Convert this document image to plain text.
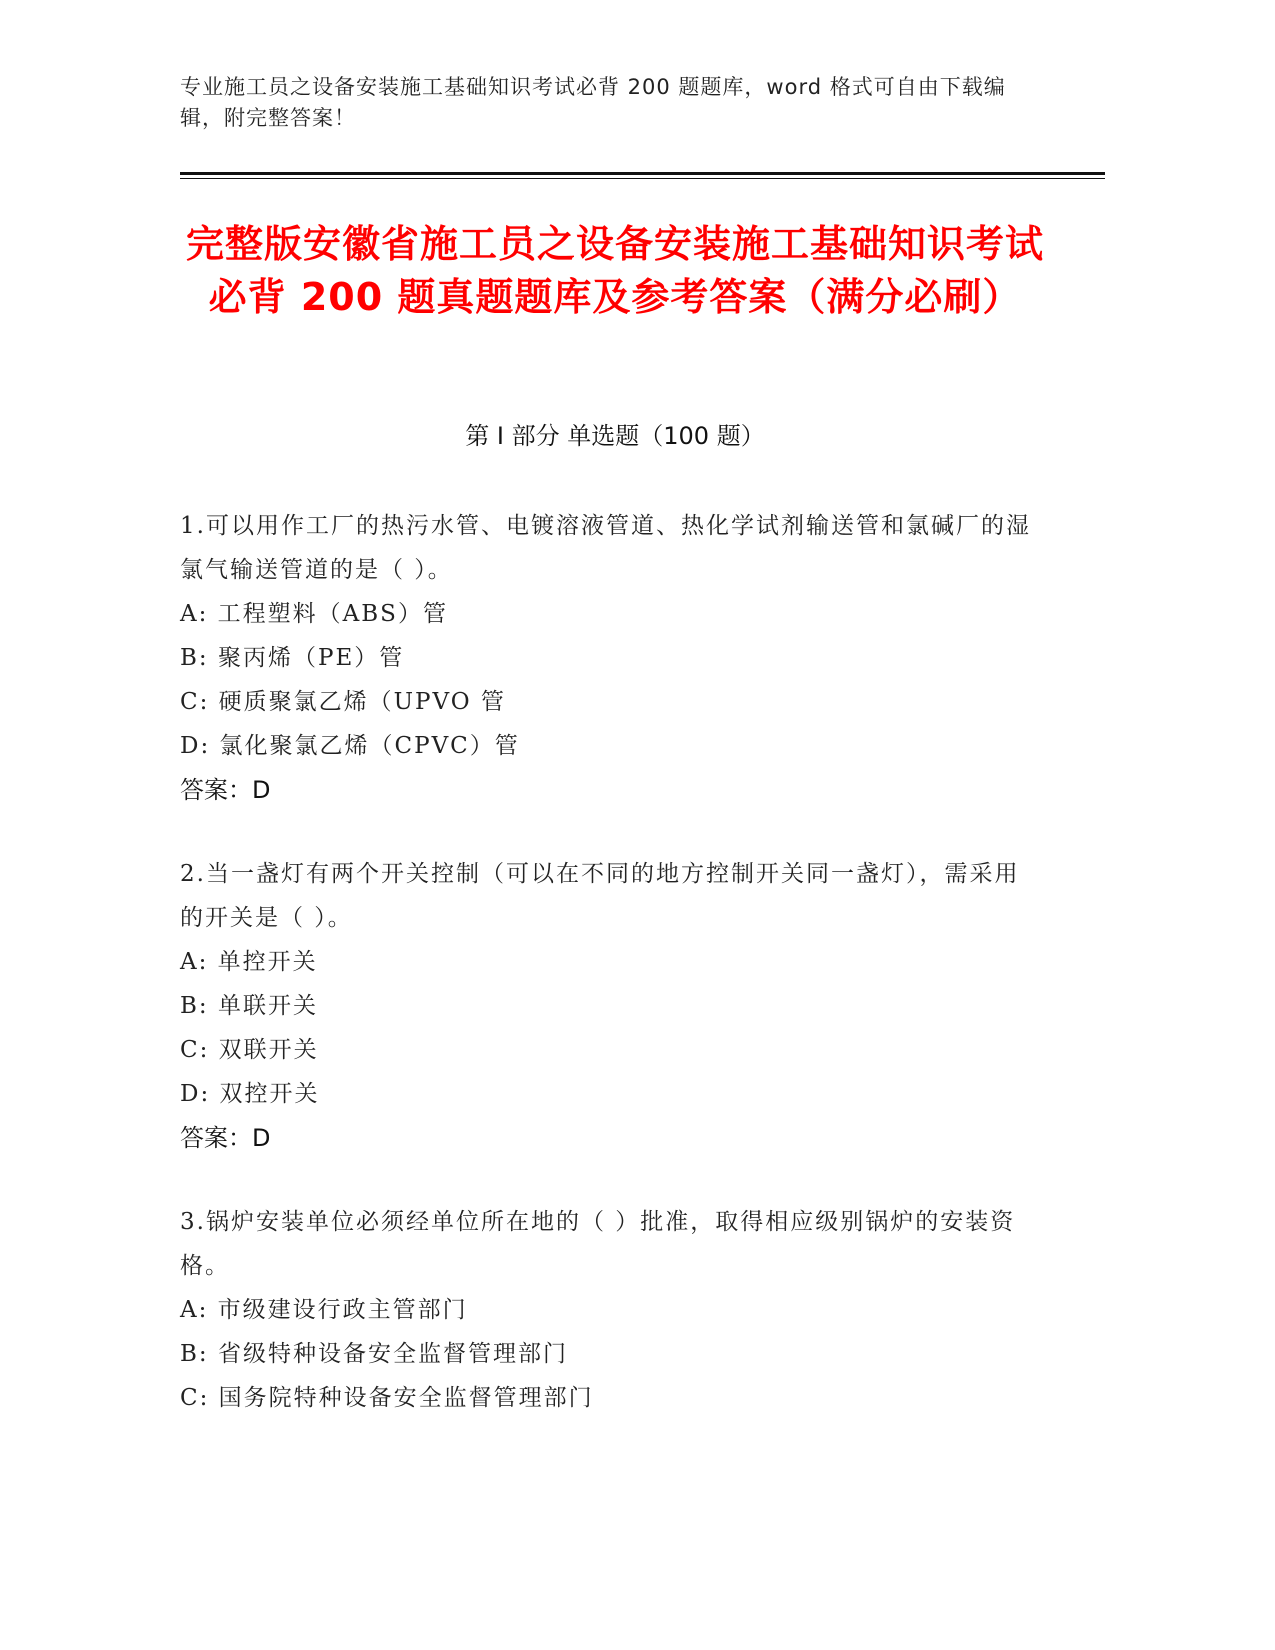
专业施工员之设备安装施工基础知识考试必背 200 题题库，word 格式可自由下载编辑，附完整答案！
完整版安徽省施工员之设备安装施工基础知识考试必背 200 题真题题库及参考答案（满分必刷）
第 I 部分 单选题（100 题）
1.可以用作工厂的热污水管、电镀溶液管道、热化学试剂输送管和氯碱厂的湿氯气输送管道的是（ ）。
A: 工程塑料（ABS）管
B: 聚丙烯（PE）管
C: 硬质聚氯乙烯（UPVO 管
D: 氯化聚氯乙烯（CPVC）管
答案：D
2.当一盏灯有两个开关控制（可以在不同的地方控制开关同一盏灯），需采用的开关是（ ）。
A: 单控开关
B: 单联开关
C: 双联开关
D: 双控开关
答案：D
3.锅炉安装单位必须经单位所在地的（ ）批准，取得相应级别锅炉的安装资格。
A: 市级建设行政主管部门
B: 省级特种设备安全监督管理部门
C: 国务院特种设备安全监督管理部门
